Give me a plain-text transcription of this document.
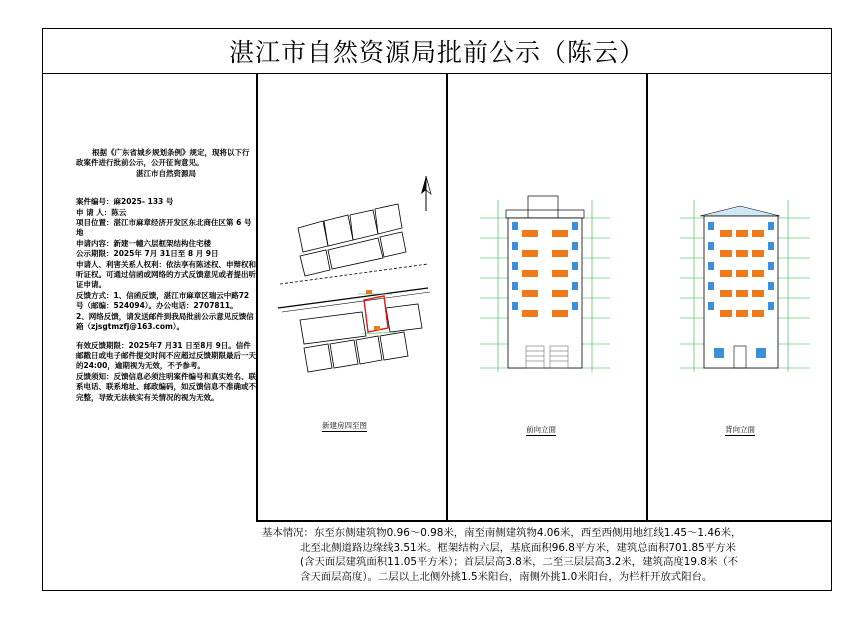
湛江市自然资源局批前公示（陈云）

根据《广东省城乡规划条例》规定，现将以下行政案件进行批前公示，公开征询意见。

湛江市自然资源局

案件编号：麻2025- 133 号

申 请 人：陈云

项目位置：湛江市麻章经济开发区东北商住区第 6 号地

申请内容：新建一幢六层框架结构住宅楼

公示期限：2025年 7月 31日至 8 月 9日

申请人、利害关系人权利：依法享有陈述权、申辩权和听证权。可通过信函或网络的方式反馈意见或者提出听证申请。

反馈方式：1、信函反馈，湛江市麻章区瑞云中路72号（邮编：524094）。办公电话：2707811。

2、网络反馈，请发送邮件到我局批前公示意见反馈信箱（zjsgtmzfj@163.com）。

有效反馈期限：2025年7 月31 日至8月 9日。信件邮戳日或电子邮件提交时间不应超过反馈期限最后一天的24:00，逾期视为无效，不予参考。

反馈须知：反馈信息必须注明案件编号和真实姓名、联系电话、联系地址、邮政编码，如反馈信息不准确或不完整，导致无法核实有关情况的视为无效。

新建房四至图	前向立面	背向立面

基本情况：东至东侧建筑物0.96～0.98米，南至南侧建筑物4.06米，西至西侧用地红线1.45～1.46米，

北至北侧道路边缘线3.51米。框架结构六层，基底面积96.8平方米，建筑总面积701.85平方米

(含天面层建筑面积11.05平方米）；首层层高3.8米，二至三层层高3.2米，建筑高度19.8米（不

含天面层高度）。二层以上北侧外挑1.5米阳台，南侧外挑1.0米阳台，为栏杆开放式阳台。
